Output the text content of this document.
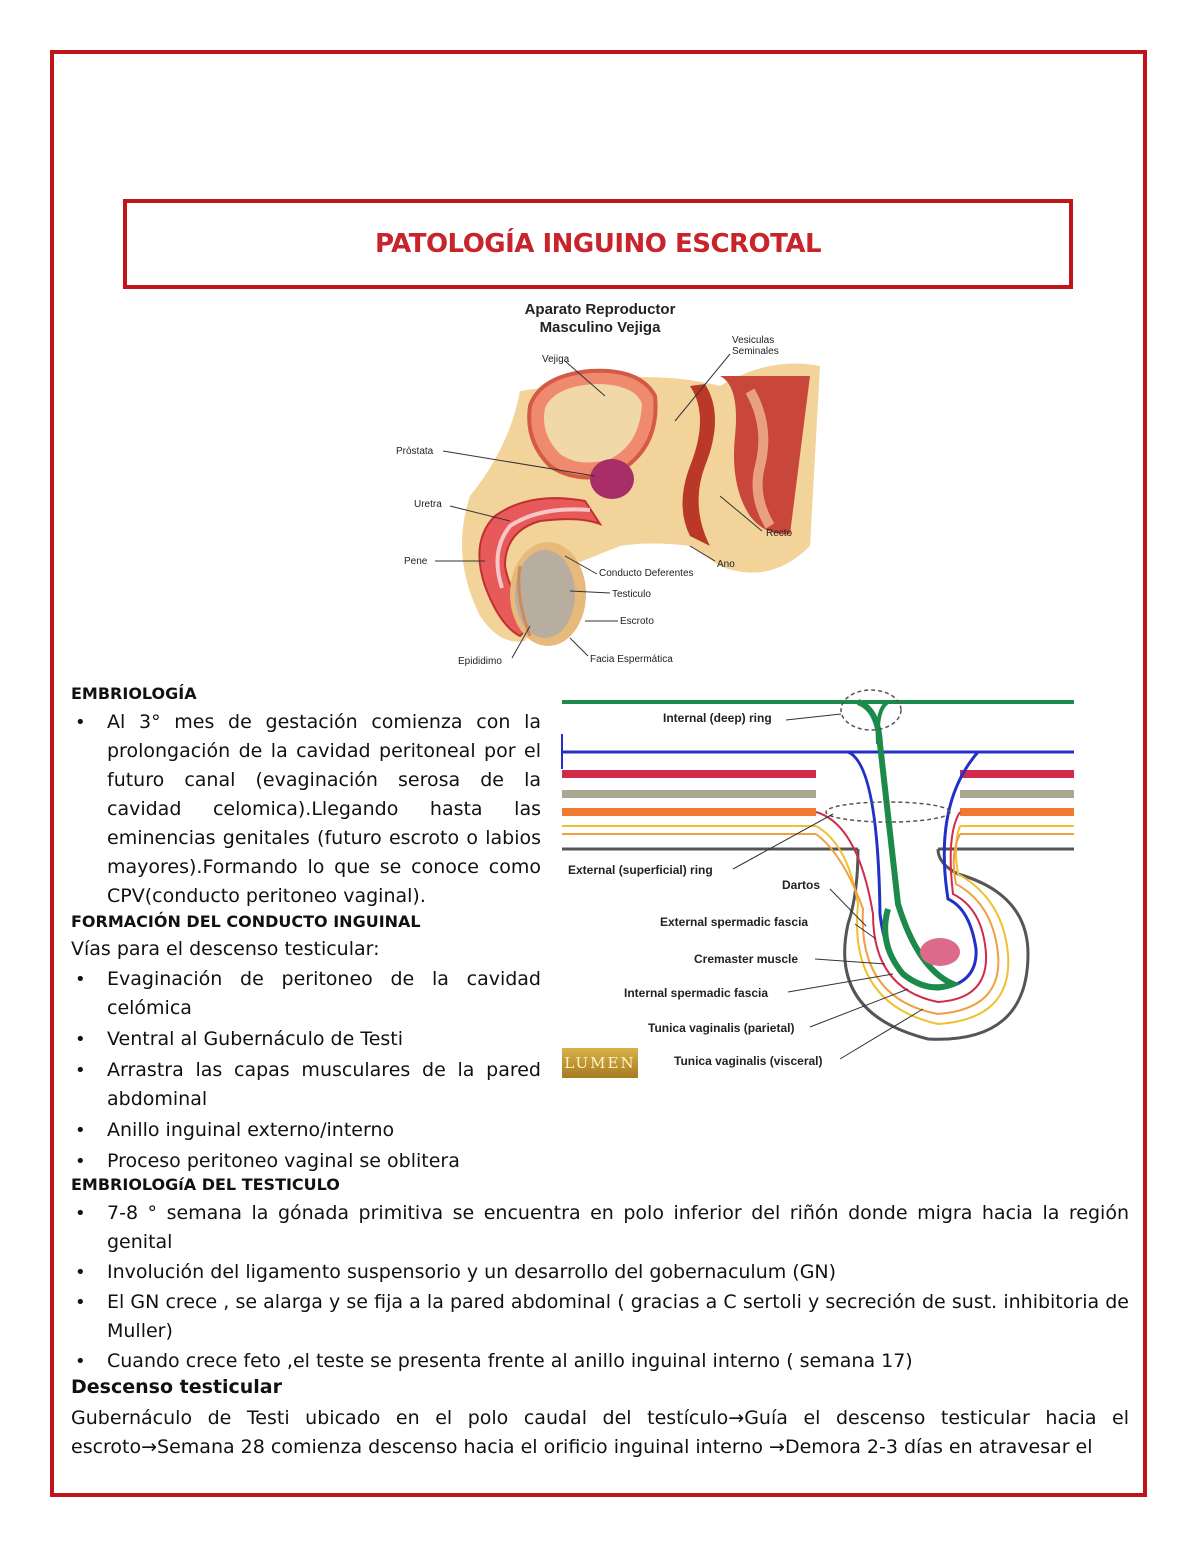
PATOLOGÍA INGUINO ESCROTAL
Aparato Reproductor
Masculino Vejiga
Vejiga
Vesiculas
Seminales
Próstata
Uretra
Recto
Pene	Ano
Conducto Deferentes
Testiculo
Escroto
Epididimo	Facia Espermática
Internal (deep) ring
External (superficial) ring
Dartos
External spermadic fascia
Cremaster muscle
Internal spermadic fascia
Tunica vaginalis (parietal)
Tunica vaginalis (visceral)
LUMEN
EMBRIOLOGÍA
• Al 3° mes de gestación comienza con la prolongación de la cavidad peritoneal por el futuro canal (evaginación serosa de la cavidad celomica).Llegando hasta las eminencias genitales (futuro escroto o labios mayores).Formando lo que se conoce como CPV(conducto peritoneo vaginal).
FORMACIÓN DEL CONDUCTO INGUINAL
Vías para el descenso testicular:
• Evaginación de peritoneo de la cavidad celómica
• Ventral al Gubernáculo de Testi
• Arrastra las capas musculares de la pared abdominal
• Anillo inguinal externo/interno
• Proceso peritoneo vaginal se oblitera
EMBRIOLOGíA DEL TESTICULO
• 7-8 ° semana la gónada primitiva se encuentra en polo inferior del riñón donde migra hacia la región genital
• Involución del ligamento suspensorio y un desarrollo del gobernaculum (GN)
• El GN crece , se alarga y se fija a la pared abdominal ( gracias a C sertoli y secreción de sust. inhibitoria de Muller)
• Cuando crece feto ,el teste se presenta frente al anillo inguinal interno ( semana 17)
Descenso testicular
Gubernáculo de Testi ubicado en el polo caudal del testículo→Guía el descenso testicular hacia el escroto→Semana 28 comienza descenso hacia el orificio inguinal interno →Demora 2-3 días en atravesar el
